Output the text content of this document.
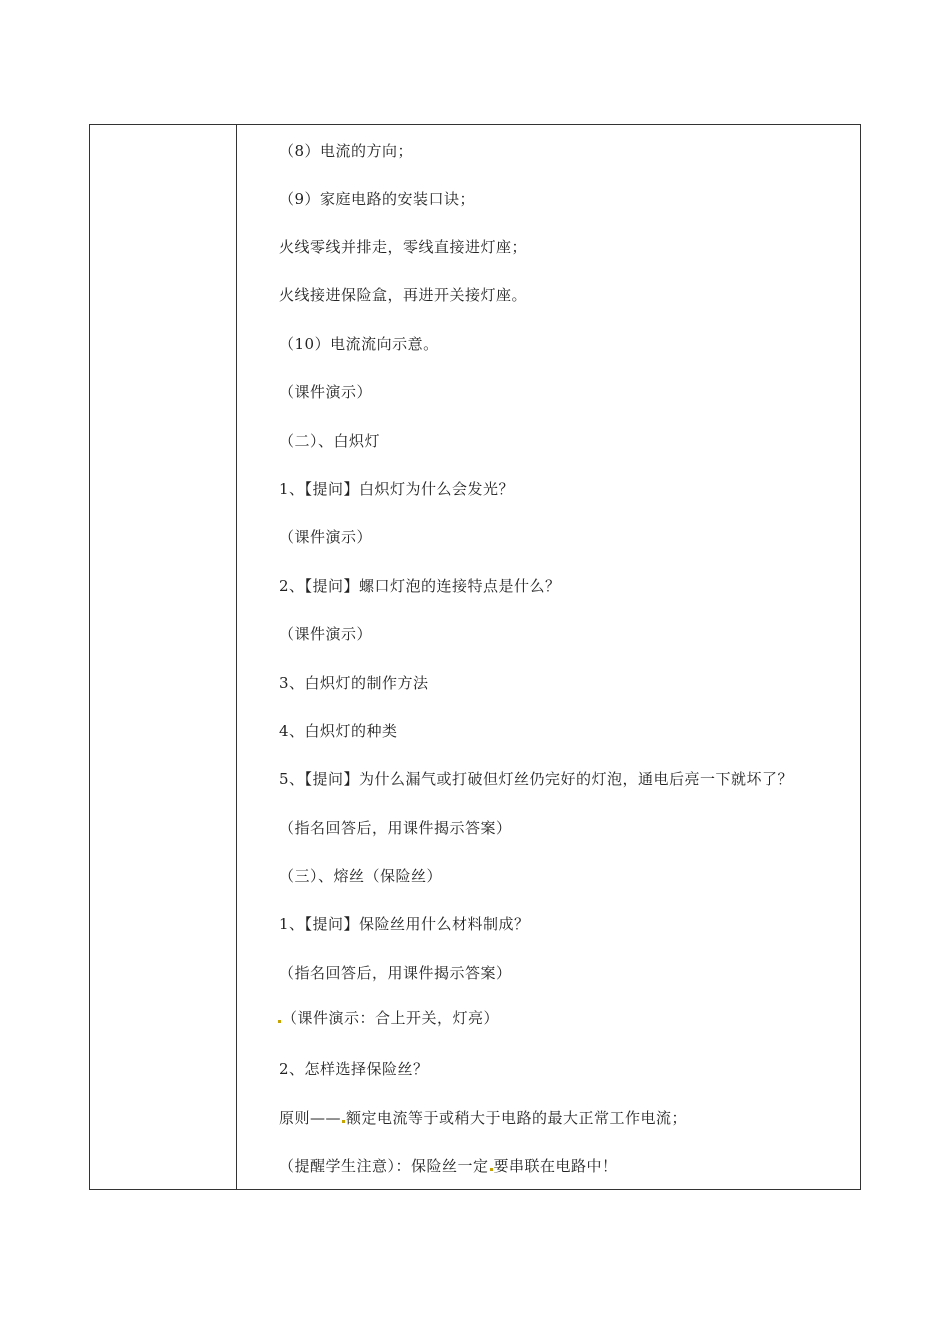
（8）电流的方向；
（9）家庭电路的安装口诀；
火线零线并排走，零线直接进灯座；
火线接进保险盒，再进开关接灯座。
（10）电流流向示意。
（课件演示）
（二）、白炽灯
1、【提问】白炽灯为什么会发光？
（课件演示）
2、【提问】螺口灯泡的连接特点是什么？
（课件演示）
3、白炽灯的制作方法
4、白炽灯的种类
5、【提问】为什么漏气或打破但灯丝仍完好的灯泡，通电后亮一下就坏了？
（指名回答后，用课件揭示答案）
（三）、熔丝（保险丝）
1、【提问】保险丝用什么材料制成？
（指名回答后，用课件揭示答案）
（课件演示：合上开关，灯亮）
2、怎样选择保险丝？
原则—— 额定电流等于或稍大于电路的最大正常工作电流；
（提醒学生注意）：保险丝一定 要串联在电路中！
